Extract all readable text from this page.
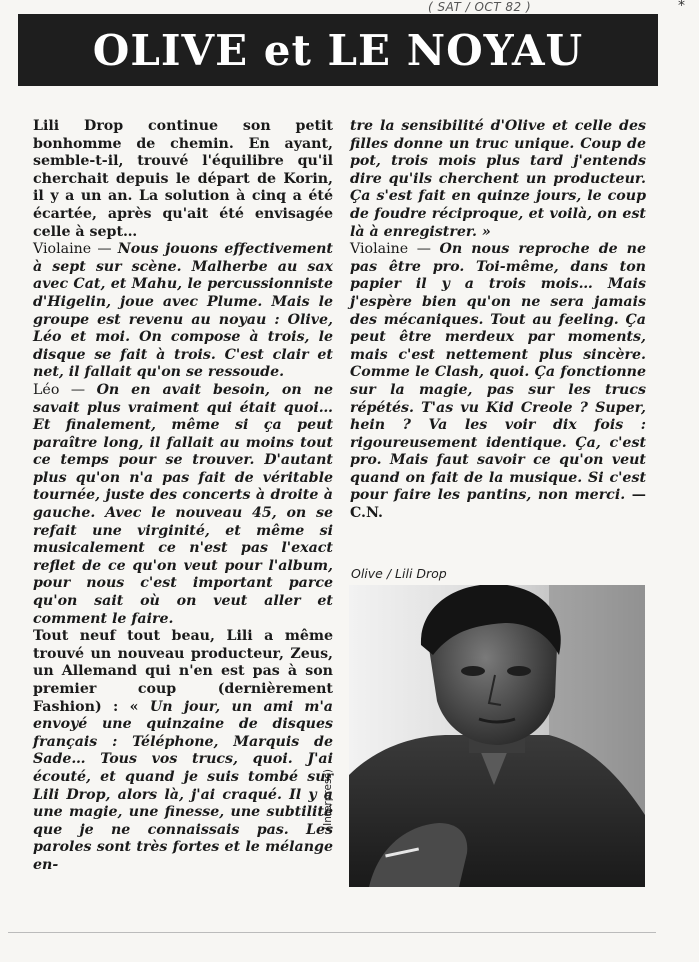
( SAT / OCT 82 )	*
OLIVE et LE NOYAU

Lili Drop continue son petit bonhomme de chemin. En ayant, semble-t-il, trouvé l'équilibre qu'il cherchait depuis le départ de Korin, il y a un an. La solution à cinq a été écartée, après qu'ait été envisagée celle à sept…

Violaine — Nous jouons effectivement à sept sur scène. Malherbe au sax avec Cat, et Mahu, le percussionniste d'Higelin, joue avec Plume. Mais le groupe est revenu au noyau : Olive, Léo et moi. On compose à trois, le disque se fait à trois. C'est clair et net, il fallait qu'on se ressoude.

Léo — On en avait besoin, on ne savait plus vraiment qui était quoi… Et finalement, même si ça peut paraître long, il fallait au moins tout ce temps pour se trouver. D'autant plus qu'on n'a pas fait de véritable tournée, juste des concerts à droite à gauche. Avec le nouveau 45, on se refait une virginité, et même si musicalement ce n'est pas l'exact reflet de ce qu'on veut pour l'album, pour nous c'est important parce qu'on sait où on veut aller et comment le faire.

Tout neuf tout beau, Lili a même trouvé un nouveau producteur, Zeus, un Allemand qui n'en est pas à son premier coup (dernièrement Fashion) : « Un jour, un ami m'a envoyé une quinzaine de disques français : Téléphone, Marquis de Sade… Tous vos trucs, quoi. J'ai écouté, et quand je suis tombé sur Lili Drop, alors là, j'ai craqué. Il y a une magie, une finesse, une subtilité que je ne connaissais pas. Les paroles sont très fortes et le mélange en-

tre la sensibilité d'Olive et celle des filles donne un truc unique. Coup de pot, trois mois plus tard j'entends dire qu'ils cherchent un producteur. Ça s'est fait en quinze jours, le coup de foudre réciproque, et voilà, on est là à enregistrer. »

Violaine — On nous reproche de ne pas être pro. Toi-même, dans ton papier il y a trois mois… Mais j'espère bien qu'on ne sera jamais des mécaniques. Tout au feeling. Ça peut être merdeux par moments, mais c'est nettement plus sincère. Comme le Clash, quoi. Ça fonctionne sur la magie, pas sur les trucs répétés. T'as vu Kid Creole ? Super, hein ? Va les voir dix fois : rigoureusement identique. Ça, c'est pro. Mais faut savoir ce qu'on veut quand on fait de la musique. Si c'est pour faire les pantins, non merci. — C.N.

Olive / Lili Drop
(Interpress)
